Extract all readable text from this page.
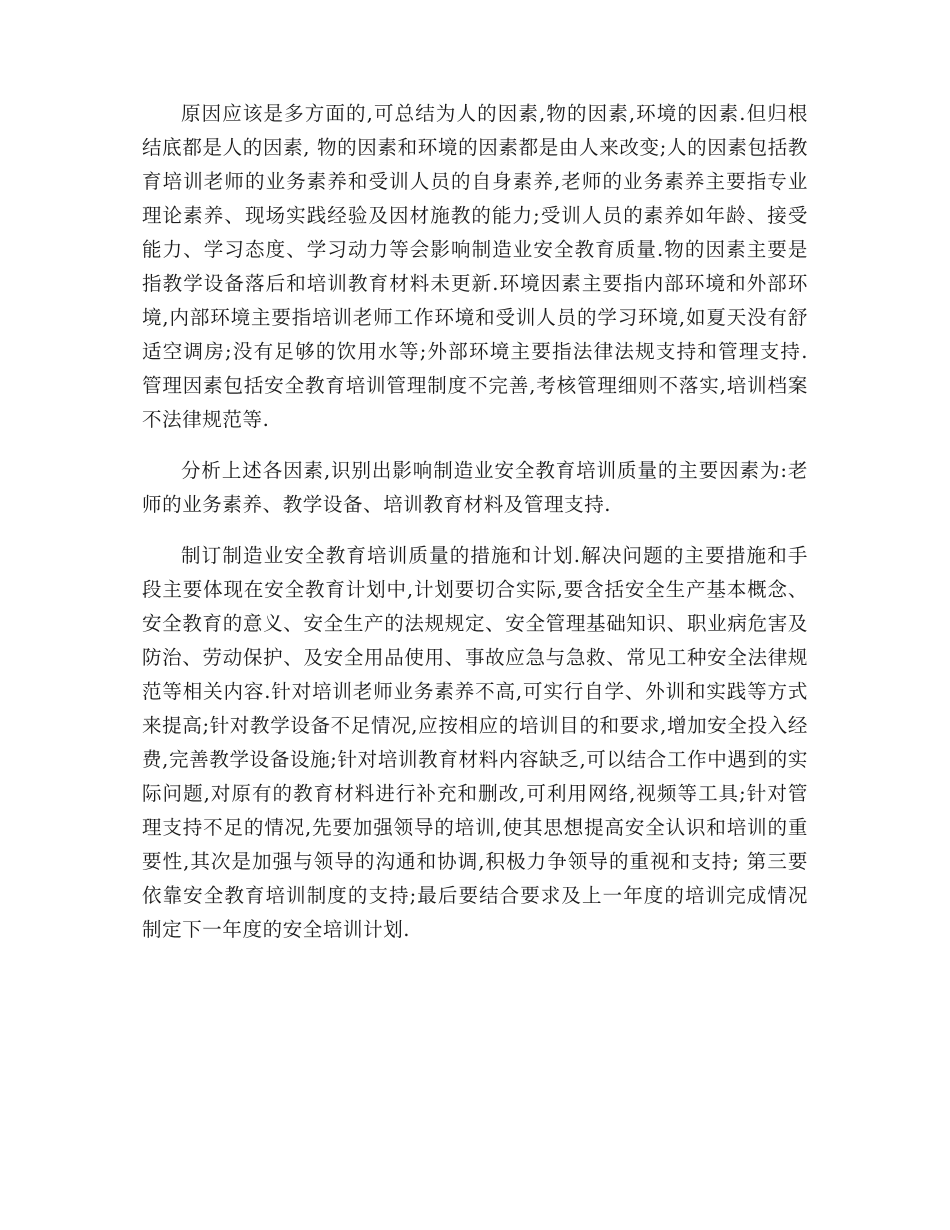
原因应该是多方面的,可总结为人的因素,物的因素,环境的因素.但归根结底都是人的因素, 物的因素和环境的因素都是由人来改变;人的因素包括教育培训老师的业务素养和受训人员的自身素养,老师的业务素养主要指专业理论素养、现场实践经验及因材施教的能力;受训人员的素养如年龄、接受能力、学习态度、学习动力等会影响制造业安全教育质量.物的因素主要是指教学设备落后和培训教育材料未更新.环境因素主要指内部环境和外部环境,内部环境主要指培训老师工作环境和受训人员的学习环境,如夏天没有舒适空调房;没有足够的饮用水等;外部环境主要指法律法规支持和管理支持. 管理因素包括安全教育培训管理制度不完善,考核管理细则不落实,培训档案不法律规范等.

分析上述各因素,识别出影响制造业安全教育培训质量的主要因素为:老师的业务素养、教学设备、培训教育材料及管理支持.

制订制造业安全教育培训质量的措施和计划.解决问题的主要措施和手段主要体现在安全教育计划中,计划要切合实际,要含括安全生产基本概念、安全教育的意义、安全生产的法规规定、安全管理基础知识、职业病危害及防治、劳动保护、及安全用品使用、事故应急与急救、常见工种安全法律规范等相关内容.针对培训老师业务素养不高,可实行自学、外训和实践等方式来提高;针对教学设备不足情况,应按相应的培训目的和要求,增加安全投入经费,完善教学设备设施;针对培训教育材料内容缺乏,可以结合工作中遇到的实际问题,对原有的教育材料进行补充和删改,可利用网络,视频等工具;针对管理支持不足的情况,先要加强领导的培训,使其思想提高安全认识和培训的重要性,其次是加强与领导的沟通和协调,积极力争领导的重视和支持; 第三要依靠安全教育培训制度的支持;最后要结合要求及上一年度的培训完成情况制定下一年度的安全培训计划.
